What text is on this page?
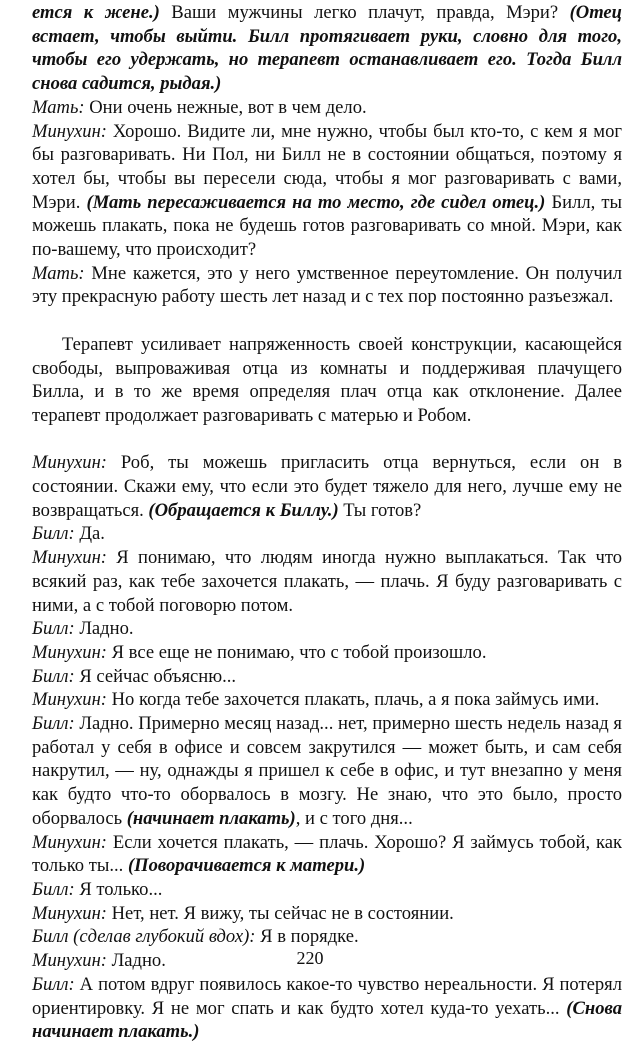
ется к жене.) Ваши мужчины легко плачут, правда, Мэри? (Отец встает, чтобы выйти. Билл протягивает руки, словно для того, чтобы его удержать, но терапевт останавливает его. Тогда Билл снова садится, рыдая.)

Мать: Они очень нежные, вот в чем дело.

Минухин: Хорошо. Видите ли, мне нужно, чтобы был кто-то, с кем я мог бы разговаривать. Ни Пол, ни Билл не в состоянии общаться, поэтому я хотел бы, чтобы вы пересели сюда, чтобы я мог разговаривать с вами, Мэри. (Мать пересаживается на то место, где сидел отец.) Билл, ты можешь плакать, пока не будешь готов разговаривать со мной. Мэри, как по-вашему, что происходит?

Мать: Мне кажется, это у него умственное переутомление. Он получил эту прекрасную работу шесть лет назад и с тех пор постоянно разъезжал.

Терапевт усиливает напряженность своей конструкции, касающейся свободы, выпроваживая отца из комнаты и поддерживая плачущего Билла, и в то же время определяя плач отца как отклонение. Далее терапевт продолжает разговаривать с матерью и Робом.

Минухин: Роб, ты можешь пригласить отца вернуться, если он в состоянии. Скажи ему, что если это будет тяжело для него, лучше ему не возвращаться. (Обращается к Биллу.) Ты готов?

Билл: Да.

Минухин: Я понимаю, что людям иногда нужно выплакаться. Так что всякий раз, как тебе захочется плакать, — плачь. Я буду разговаривать с ними, а с тобой поговорю потом.

Билл: Ладно.

Минухин: Я все еще не понимаю, что с тобой произошло.

Билл: Я сейчас объясню...

Минухин: Но когда тебе захочется плакать, плачь, а я пока займусь ими.

Билл: Ладно. Примерно месяц назад... нет, примерно шесть недель назад я работал у себя в офисе и совсем закрутился — может быть, и сам себя накрутил, — ну, однажды я пришел к себе в офис, и тут внезапно у меня как будто что-то оборвалось в мозгу. Не знаю, что это было, просто оборвалось (начинает плакать), и с того дня...

Минухин: Если хочется плакать, — плачь. Хорошо? Я займусь тобой, как только ты... (Поворачивается к матери.)

Билл: Я только...

Минухин: Нет, нет. Я вижу, ты сейчас не в состоянии.

Билл (сделав глубокий вдох): Я в порядке.

Минухин: Ладно.

Билл: А потом вдруг появилось какое-то чувство нереальности. Я потерял ориентировку. Я не мог спать и как будто хотел куда-то уехать... (Снова начинает плакать.)

220
